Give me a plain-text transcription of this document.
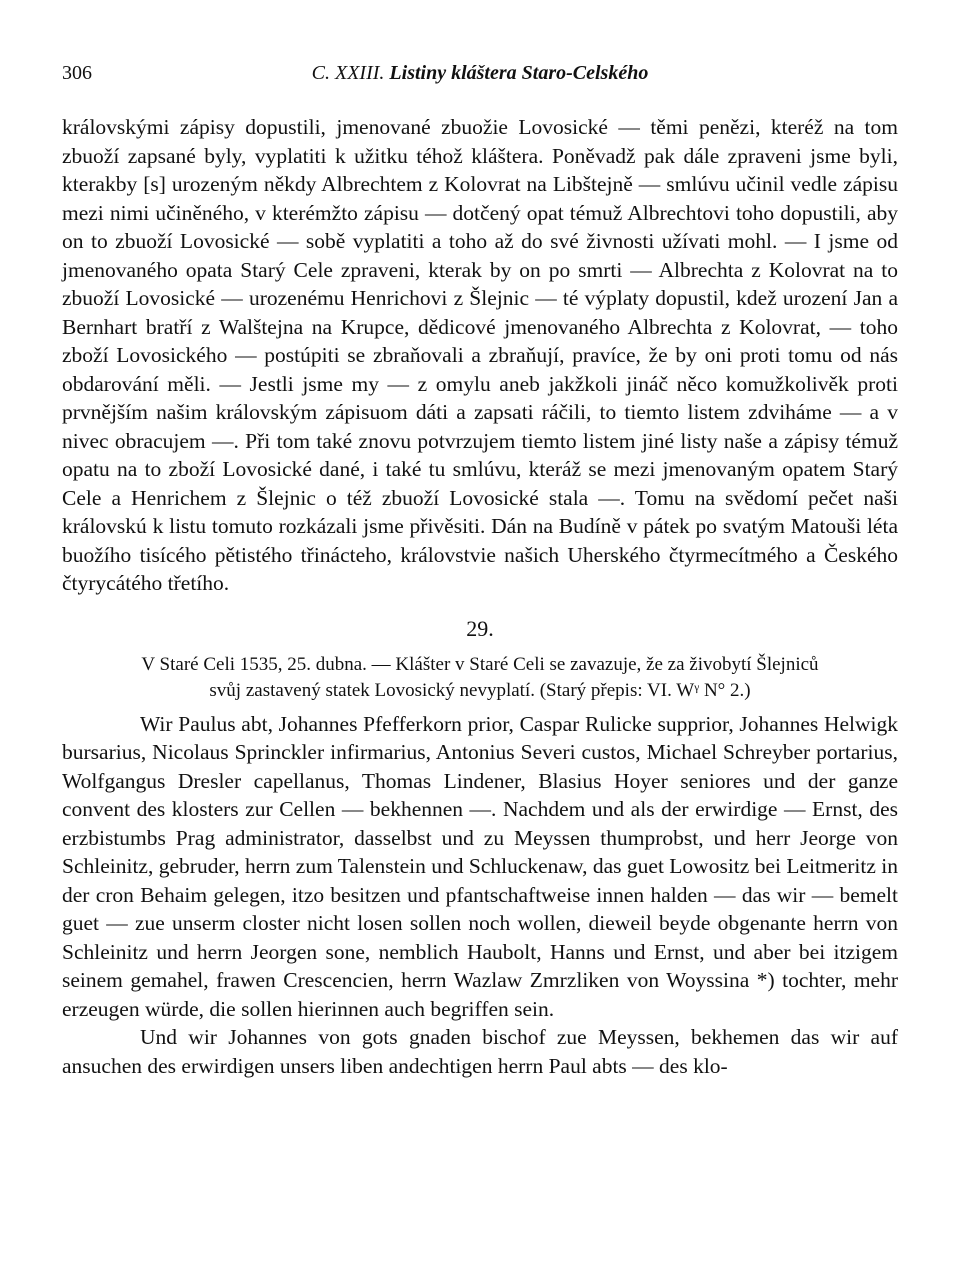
306	C. XXIII. Listiny kláštera Staro-Celského

královskými zápisy dopustili, jmenované zbuožie Lovosické — těmi penězi, kteréž na tom zbuoží zapsané byly, vyplatiti k užitku téhož kláštera. Poněvadž pak dále zpraveni jsme byli, kterakby [s] urozeným někdy Albrechtem z Kolovrat na Libštejně — smlúvu učinil vedle zápisu mezi nimi učiněného, v kterémžto zápisu — dotčený opat témuž Albrechtovi toho dopustili, aby on to zbuoží Lovosické — sobě vyplatiti a toho až do své živnosti užívati mohl. — I jsme od jmenovaného opata Starý Cele zpraveni, kterak by on po smrti — Albrechta z Kolovrat na to zbuoží Lovosické — urozenému Henrichovi z Šlejnic — té výplaty dopustil, kdež urození Jan a Bernhart bratří z Walštejna na Krupce, dědicové jmenovaného Albrechta z Kolovrat, — toho zboží Lovosického — postúpiti se zbraňovali a zbraňují, pravíce, že by oni proti tomu od nás obdarování měli. — Jestli jsme my — z omylu aneb jakžkoli jináč něco komužkolivěk proti prvnějším našim královským zápisuom dáti a zapsati ráčili, to tiemto listem zdviháme — a v nivec obracujem —. Při tom také znovu potvrzujem tiemto listem jiné listy naše a zápisy témuž opatu na to zboží Lovosické dané, i také tu smlúvu, kteráž se mezi jmenovaným opatem Starý Cele a Henrichem z Šlejnic o též zbuoží Lovosické stala —. Tomu na svědomí pečet naši královskú k listu tomuto rozkázali jsme přivěsiti. Dán na Budíně v pátek po svatým Matouši léta buožího tisícého pětistého třinácteho, královstvie našich Uherského čtyrmecítmého a Českého čtyrycátého třetího.

29.
V Staré Celi 1535, 25. dubna. — Klášter v Staré Celi se zavazuje, že za živobytí Šlejniců
svůj zastavený statek Lovosický nevyplatí. (Starý přepis: VI. Wᵞ N° 2.)

Wir Paulus abt, Johannes Pfefferkorn prior, Caspar Rulicke supprior, Johannes Helwigk bursarius, Nicolaus Sprinckler infirmarius, Antonius Severi custos, Michael Schreyber portarius, Wolfgangus Dresler capellanus, Thomas Lindener, Blasius Hoyer seniores und der ganze convent des klosters zur Cellen — bekhennen —. Nachdem und als der erwirdige — Ernst, des erzbistumbs Prag administrator, dasselbst und zu Meyssen thumprobst, und herr Jeorge von Schleinitz, gebruder, herrn zum Talenstein und Schluckenaw, das guet Lowositz bei Leitmeritz in der cron Behaim gelegen, itzo besitzen und pfantschaftweise innen halden — das wir — bemelt guet — zue unserm closter nicht losen sollen noch wollen, dieweil beyde obgenante herrn von Schleinitz und herrn Jeorgen sone, nemblich Haubolt, Hanns und Ernst, und aber bei itzigem seinem gemahel, frawen Crescencien, herrn Wazlaw Zmrzliken von Woyssina *) tochter, mehr erzeugen würde, die sollen hierinnen auch begriffen sein.

Und wir Johannes von gots gnaden bischof zue Meyssen, bekhemen das wir auf ansuchen des erwirdigen unsers liben andechtigen herrn Paul abts — des klo-
